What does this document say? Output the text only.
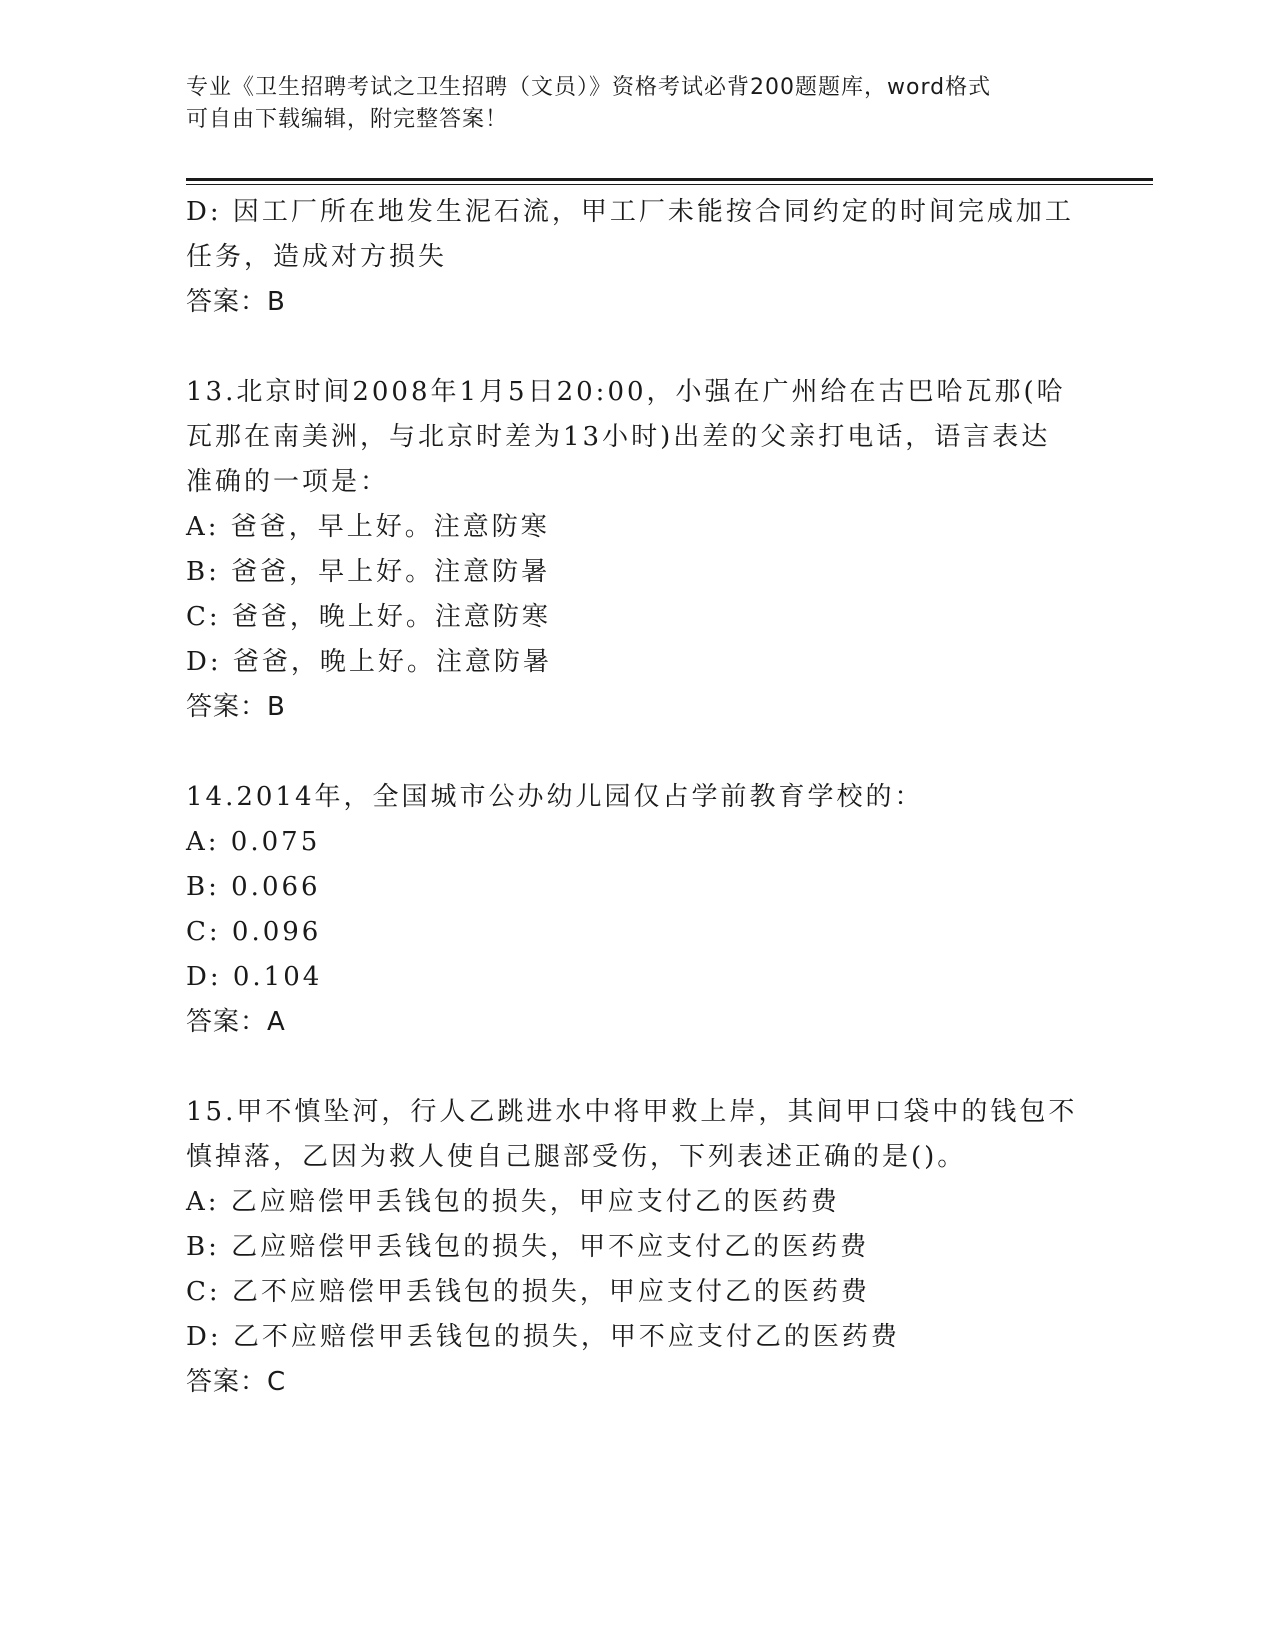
专业《卫生招聘考试之卫生招聘（文员）》资格考试必背200题题库，word格式
可自由下载编辑，附完整答案！
D: 因工厂所在地发生泥石流，甲工厂未能按合同约定的时间完成加工
任务，造成对方损失
答案：B
13.北京时间2008年1月5日20:00，小强在广州给在古巴哈瓦那(哈
瓦那在南美洲，与北京时差为13小时)出差的父亲打电话，语言表达
准确的一项是：
A: 爸爸，早上好。注意防寒
B: 爸爸，早上好。注意防暑
C: 爸爸，晚上好。注意防寒
D: 爸爸，晚上好。注意防暑
答案：B
14.2014年，全国城市公办幼儿园仅占学前教育学校的：
A: 0.075
B: 0.066
C: 0.096
D: 0.104
答案：A
15.甲不慎坠河，行人乙跳进水中将甲救上岸，其间甲口袋中的钱包不
慎掉落，乙因为救人使自己腿部受伤，下列表述正确的是()。
A: 乙应赔偿甲丢钱包的损失，甲应支付乙的医药费
B: 乙应赔偿甲丢钱包的损失，甲不应支付乙的医药费
C: 乙不应赔偿甲丢钱包的损失，甲应支付乙的医药费
D: 乙不应赔偿甲丢钱包的损失，甲不应支付乙的医药费
答案：C
